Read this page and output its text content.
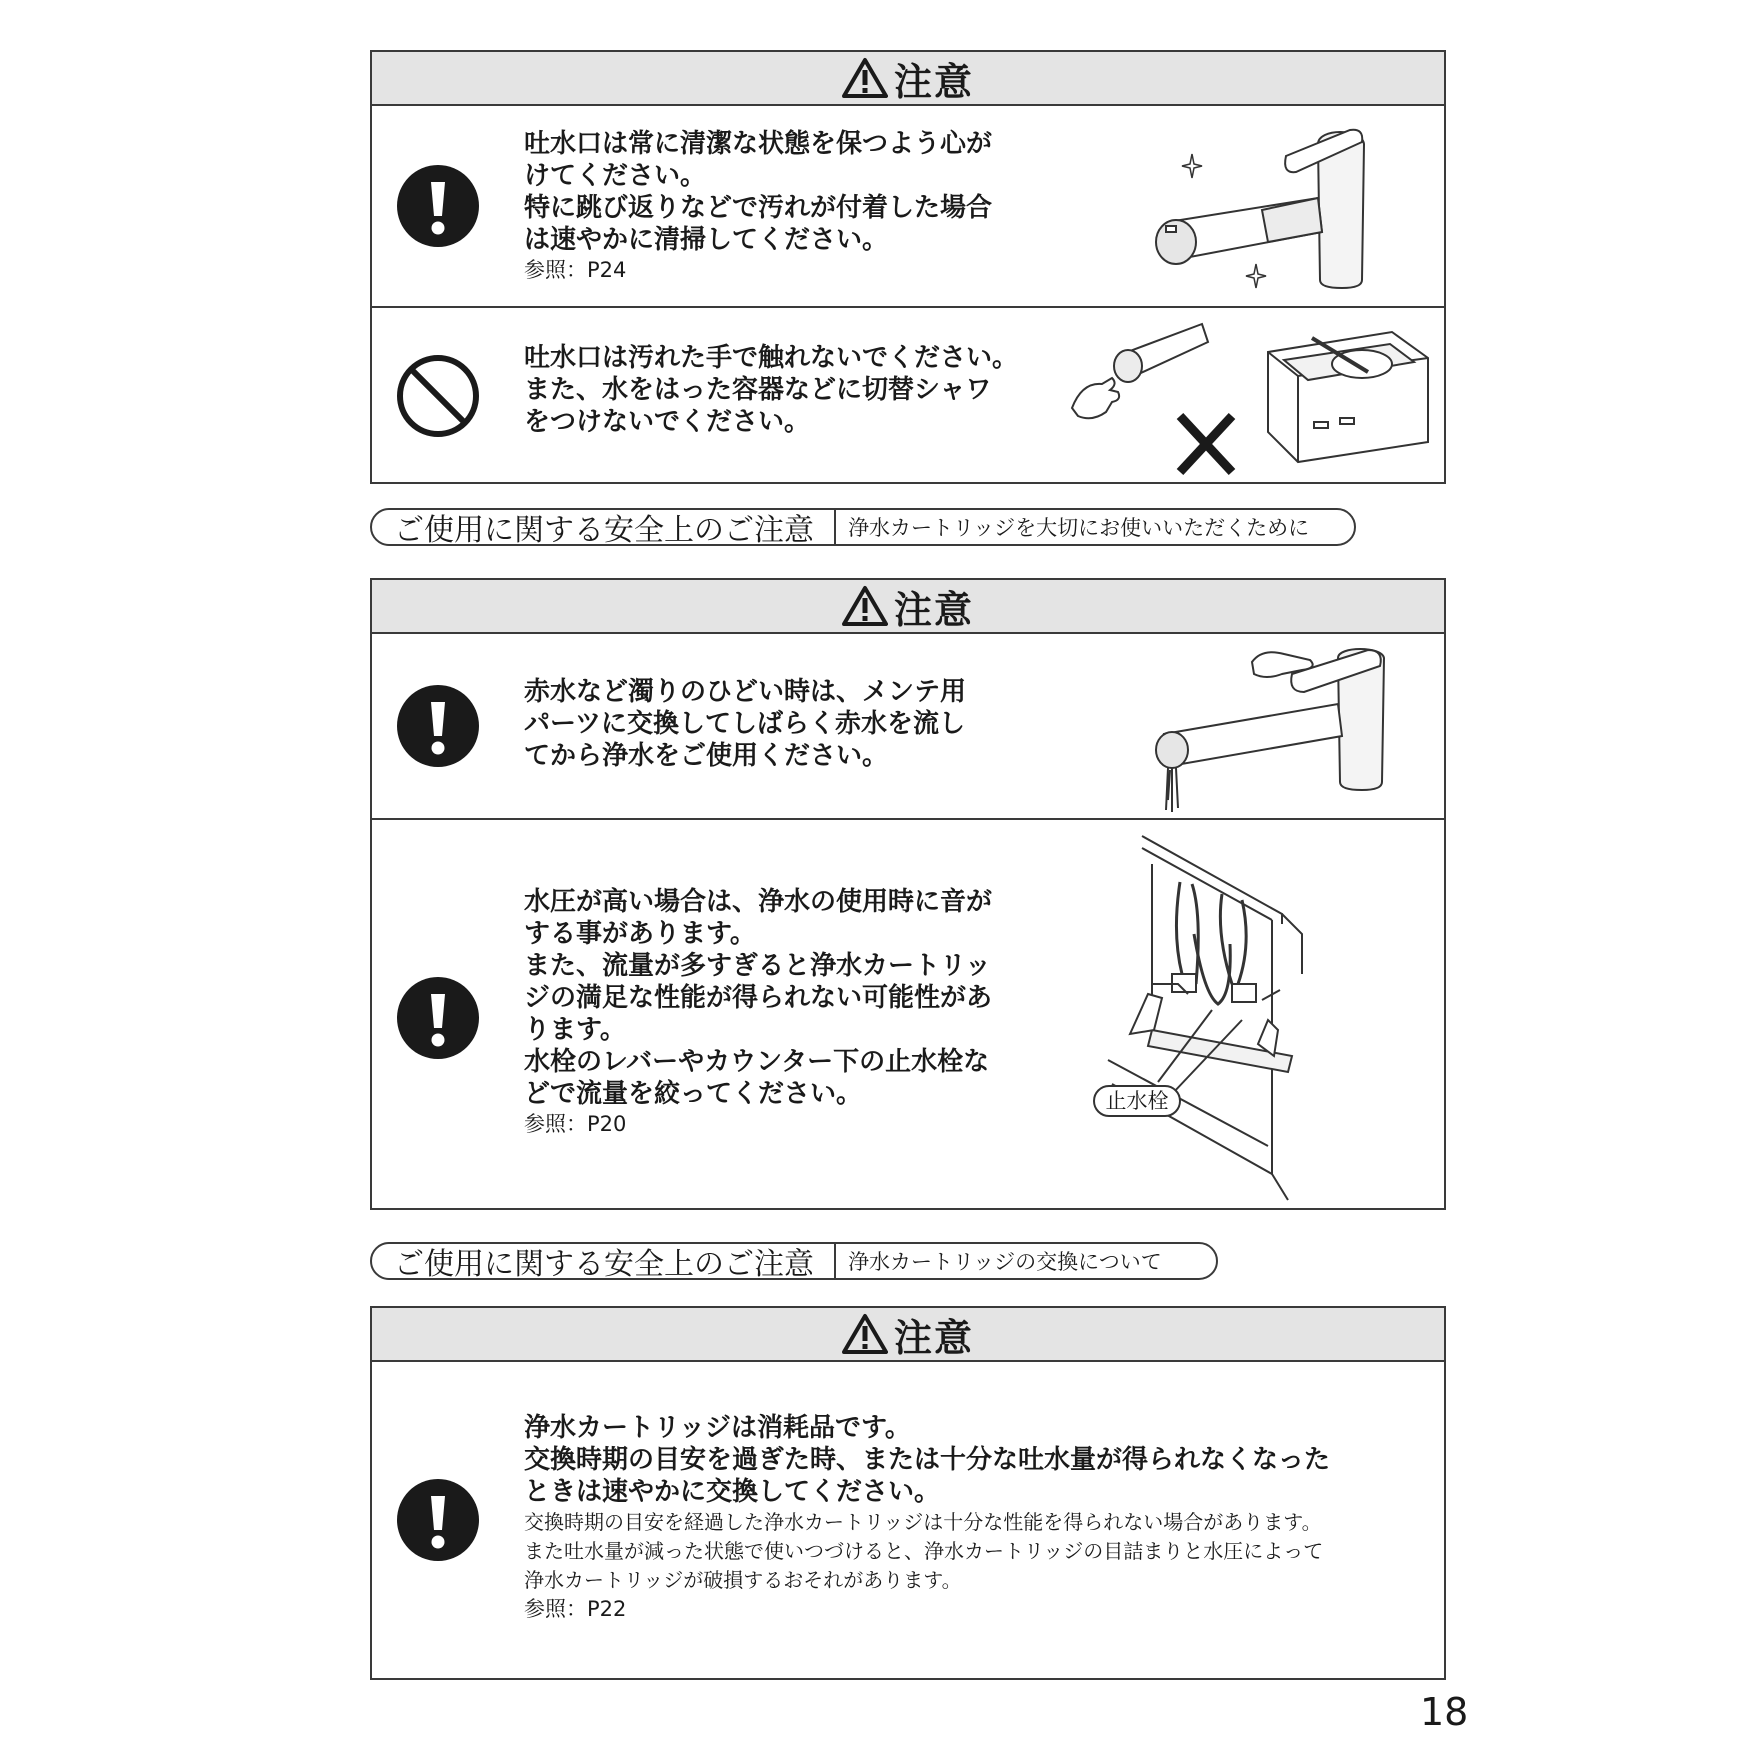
注意
吐水口は常に清潔な状態を保つよう心が
けてください。
特に跳び返りなどで汚れが付着した場合
は速やかに清掃してください。
参照：P24
吐水口は汚れた手で触れないでください。
また、水をはった容器などに切替シャワ
をつけないでください。
ご使用に関する安全上のご注意	浄水カートリッジを大切にお使いいただくために
注意
赤水など濁りのひどい時は、メンテ用
パーツに交換してしばらく赤水を流し
てから浄水をご使用ください。
水圧が高い場合は、浄水の使用時に音が
する事があります。
また、流量が多すぎると浄水カートリッ
ジの満足な性能が得られない可能性があ
ります。
水栓のレバーやカウンター下の止水栓な
どで流量を絞ってください。
参照：P20
止水栓
ご使用に関する安全上のご注意	浄水カートリッジの交換について
注意
浄水カートリッジは消耗品です。
交換時期の目安を過ぎた時、または十分な吐水量が得られなくなった
ときは速やかに交換してください。
交換時期の目安を経過した浄水カートリッジは十分な性能を得られない場合があります。
また吐水量が減った状態で使いつづけると、浄水カートリッジの目詰まりと水圧によって
浄水カートリッジが破損するおそれがあります。
参照：P22
18
